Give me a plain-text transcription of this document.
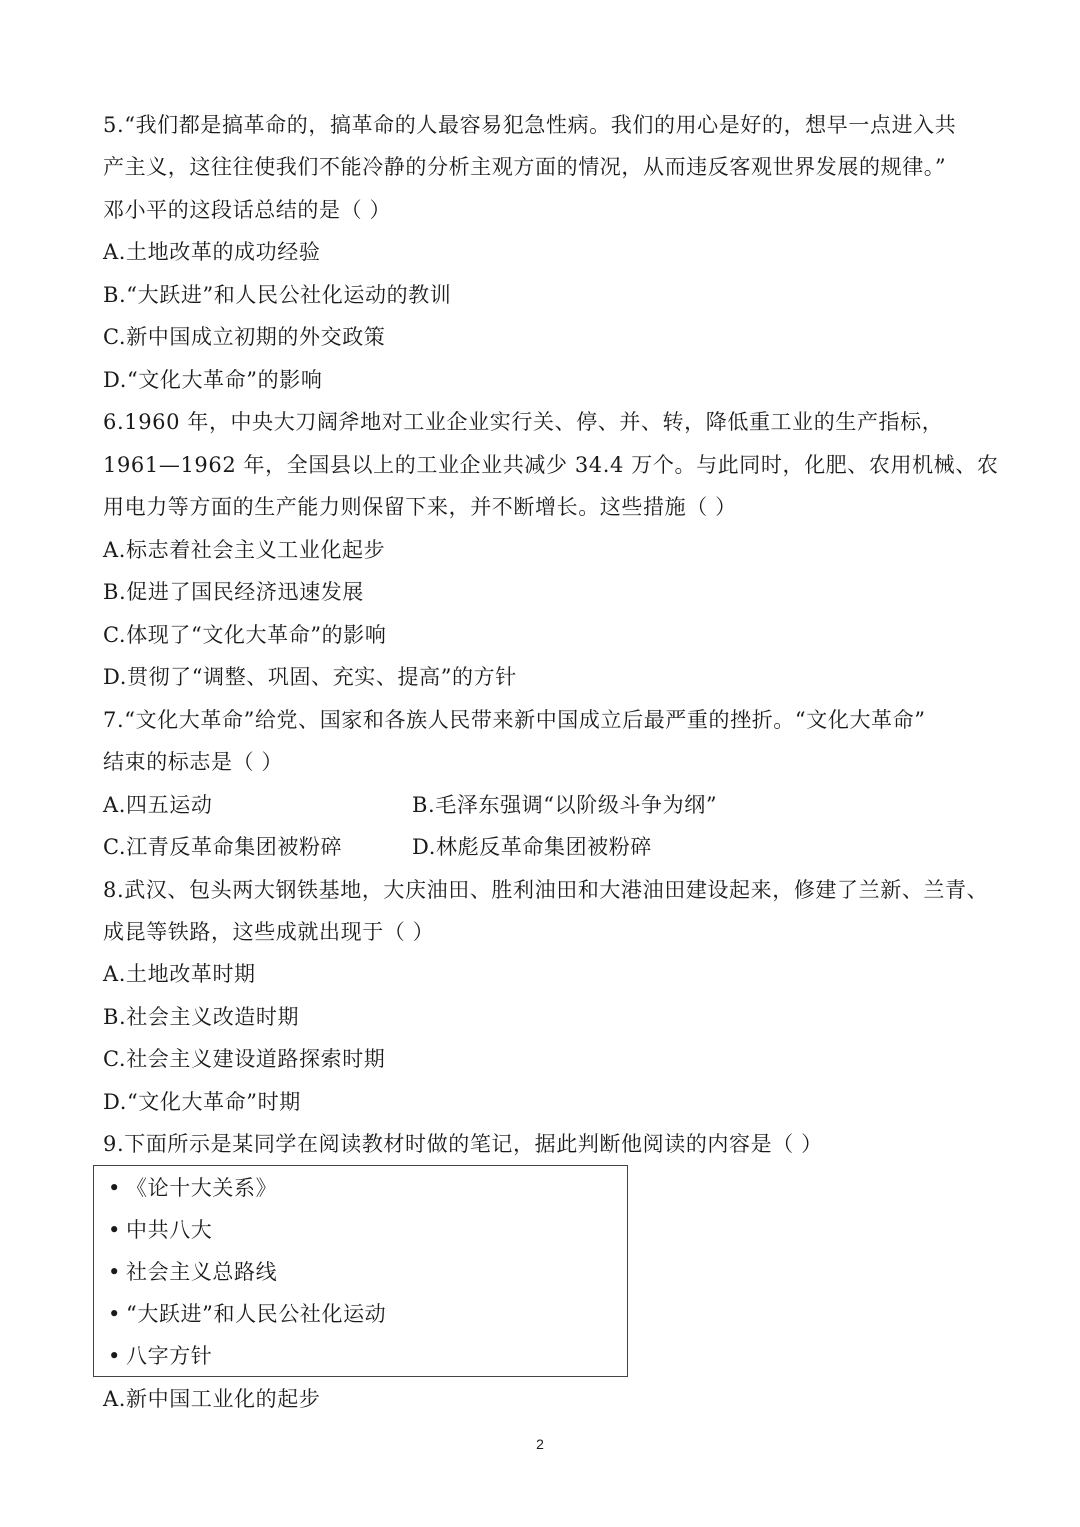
5.“我们都是搞革命的，搞革命的人最容易犯急性病。我们的用心是好的，想早一点进入共
产主义，这往往使我们不能冷静的分析主观方面的情况，从而违反客观世界发展的规律。”
邓小平的这段话总结的是（ ）
A.土地改革的成功经验
B.“大跃进”和人民公社化运动的教训
C.新中国成立初期的外交政策
D.“文化大革命”的影响
6.1960 年，中央大刀阔斧地对工业企业实行关、停、并、转，降低重工业的生产指标，
1961—1962 年，全国县以上的工业企业共减少 34.4 万个。与此同时，化肥、农用机械、农
用电力等方面的生产能力则保留下来，并不断增长。这些措施（ ）
A.标志着社会主义工业化起步
B.促进了国民经济迅速发展
C.体现了“文化大革命”的影响
D.贯彻了“调整、巩固、充实、提高”的方针
7.“文化大革命”给党、国家和各族人民带来新中国成立后最严重的挫折。“文化大革命”
结束的标志是（ ）
A.四五运动	B.毛泽东强调“以阶级斗争为纲”
C.江青反革命集团被粉碎	D.林彪反革命集团被粉碎
8.武汉、包头两大钢铁基地，大庆油田、胜利油田和大港油田建设起来，修建了兰新、兰青、
成昆等铁路，这些成就出现于（ ）
A.土地改革时期
B.社会主义改造时期
C.社会主义建设道路探索时期
D.“文化大革命”时期
9.下面所示是某同学在阅读教材时做的笔记，据此判断他阅读的内容是（ ）
• 《论十大关系》
• 中共八大
• 社会主义总路线
• “大跃进”和人民公社化运动
• 八字方针
A.新中国工业化的起步
2
